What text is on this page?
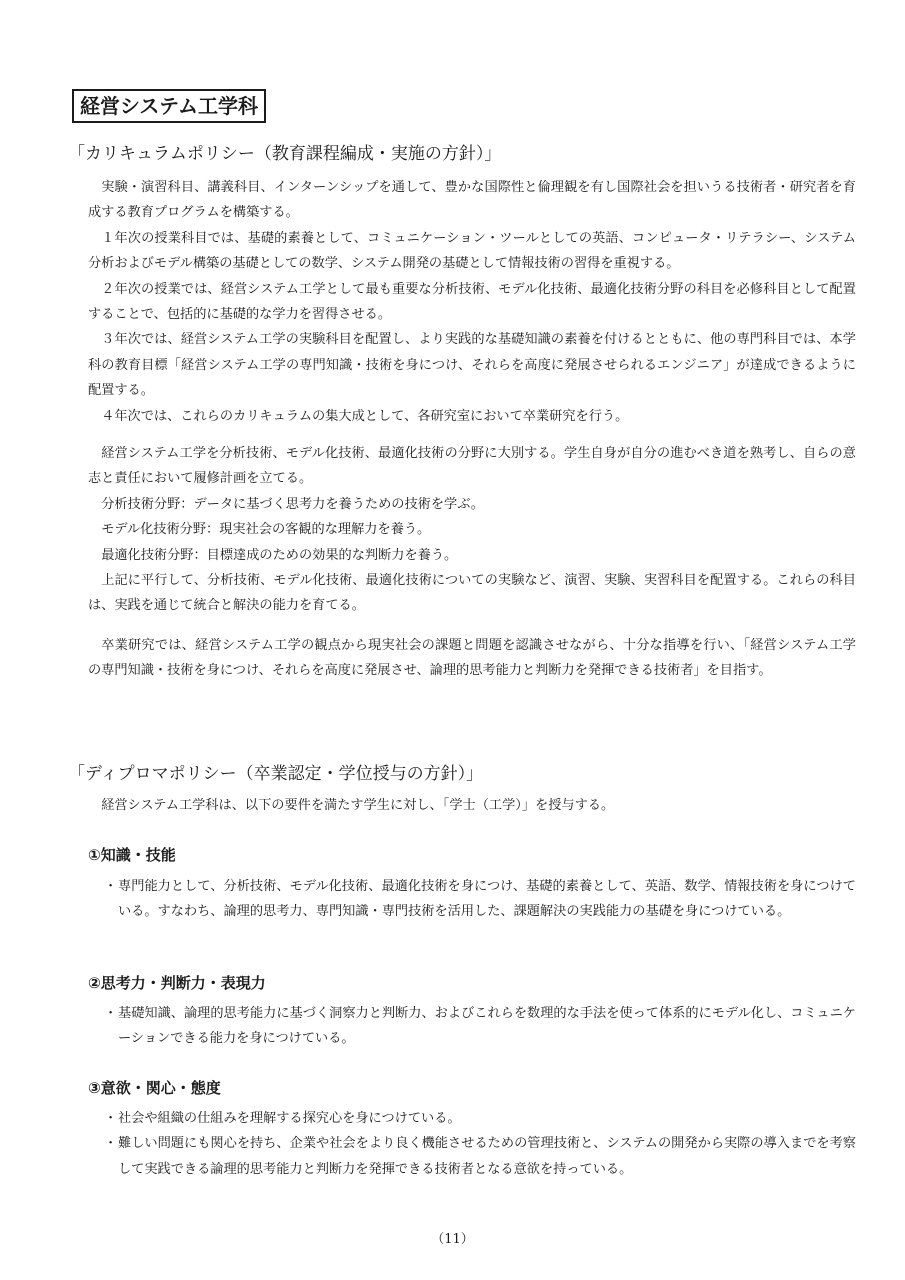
経営システム工学科
「カリキュラムポリシー（教育課程編成・実施の方針）」

実験・演習科目、講義科目、インターンシップを通して、豊かな国際性と倫理観を有し国際社会を担いうる技術者・研究者を育成する教育プログラムを構築する。

１年次の授業科目では、基礎的素養として、コミュニケーション・ツールとしての英語、コンピュータ・リテラシー、システム分析およびモデル構築の基礎としての数学、システム開発の基礎として情報技術の習得を重視する。

２年次の授業では、経営システム工学として最も重要な分析技術、モデル化技術、最適化技術分野の科目を必修科目として配置することで、包括的に基礎的な学力を習得させる。

３年次では、経営システム工学の実験科目を配置し、より実践的な基礎知識の素養を付けるとともに、他の専門科目では、本学科の教育目標「経営システム工学の専門知識・技術を身につけ、それらを高度に発展させられるエンジニア」が達成できるように配置する。

４年次では、これらのカリキュラムの集大成として、各研究室において卒業研究を行う。

経営システム工学を分析技術、モデル化技術、最適化技術の分野に大別する。学生自身が自分の進むべき道を熟考し、自らの意志と責任において履修計画を立てる。

分析技術分野：データに基づく思考力を養うための技術を学ぶ。

モデル化技術分野：現実社会の客観的な理解力を養う。

最適化技術分野：目標達成のための効果的な判断力を養う。

上記に平行して、分析技術、モデル化技術、最適化技術についての実験など、演習、実験、実習科目を配置する。これらの科目は、実践を通じて統合と解決の能力を育てる。

卒業研究では、経営システム工学の観点から現実社会の課題と問題を認識させながら、十分な指導を行い、「経営システム工学の専門知識・技術を身につけ、それらを高度に発展させ、論理的思考能力と判断力を発揮できる技術者」を目指す。

「ディプロマポリシー（卒業認定・学位授与の方針）」
経営システム工学科は、以下の要件を満たす学生に対し、「学士（工学）」を授与する。
①知識・技能
・ 専門能力として、分析技術、モデル化技術、最適化技術を身につけ、基礎的素養として、英語、数学、情報技術を身につけている。すなわち、論理的思考力、専門知識・専門技術を活用した、課題解決の実践能力の基礎を身につけている。
②思考力・判断力・表現力
・ 基礎知識、論理的思考能力に基づく洞察力と判断力、およびこれらを数理的な手法を使って体系的にモデル化し、コミュニケーションできる能力を身につけている。
③意欲・関心・態度
・ 社会や組織の仕組みを理解する探究心を身につけている。
・ 難しい問題にも関心を持ち、企業や社会をより良く機能させるための管理技術と、システムの開発から実際の導入までを考察して実践できる論理的思考能力と判断力を発揮できる技術者となる意欲を持っている。
（11）
